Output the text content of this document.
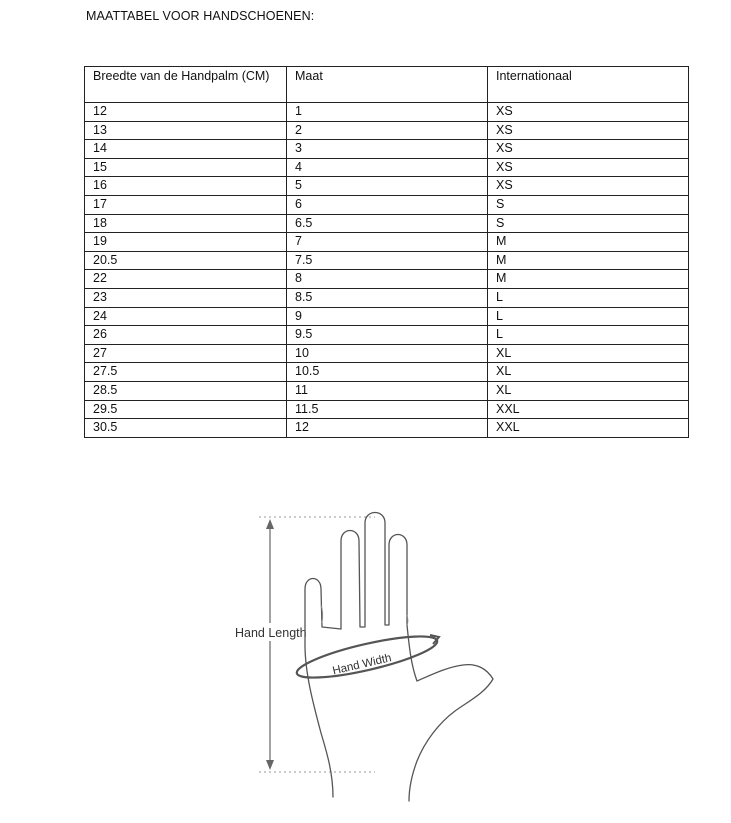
MAATTABEL VOOR HANDSCHOENEN:
Breedte van de Handpalm (CM)	Maat	Internationaal
12	1	XS
13	2	XS
14	3	XS
15	4	XS
16	5	XS
17	6	S
18	6.5	S
19	7	M
20.5	7.5	M
22	8	M
23	8.5	L
24	9	L
26	9.5	L
27	10	XL
27.5	10.5	XL
28.5	11	XL
29.5	11.5	XXL
30.5	12	XXL
Hand Length
Hand Width
